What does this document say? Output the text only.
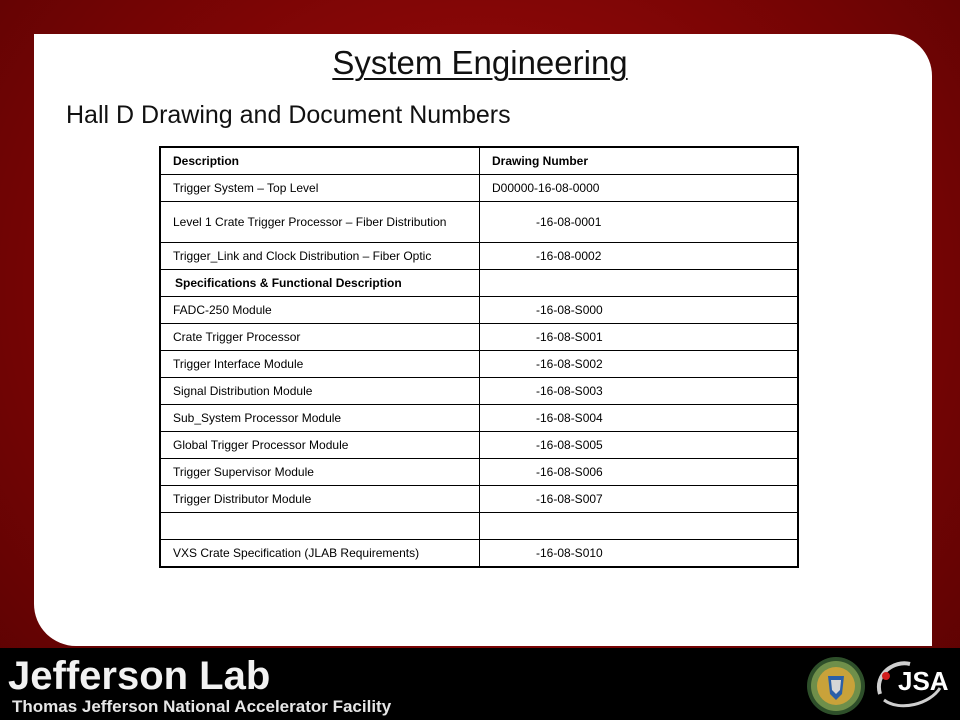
System Engineering
Hall D Drawing and Document Numbers
Description	Drawing Number
Trigger System – Top Level	D00000-16-08-0000
Level 1 Crate Trigger Processor – Fiber Distribution	-16-08-0001
Trigger_Link and Clock Distribution – Fiber Optic	-16-08-0002
Specifications & Functional Description	
FADC-250 Module	-16-08-S000
Crate Trigger Processor	-16-08-S001
Trigger Interface Module	-16-08-S002
Signal Distribution Module	-16-08-S003
Sub_System Processor Module	-16-08-S004
Global Trigger Processor Module	-16-08-S005
Trigger Supervisor Module	-16-08-S006
Trigger Distributor Module	-16-08-S007

VXS Crate Specification (JLAB Requirements)	-16-08-S010
Jefferson Lab
Thomas Jefferson National Accelerator Facility
JSA
